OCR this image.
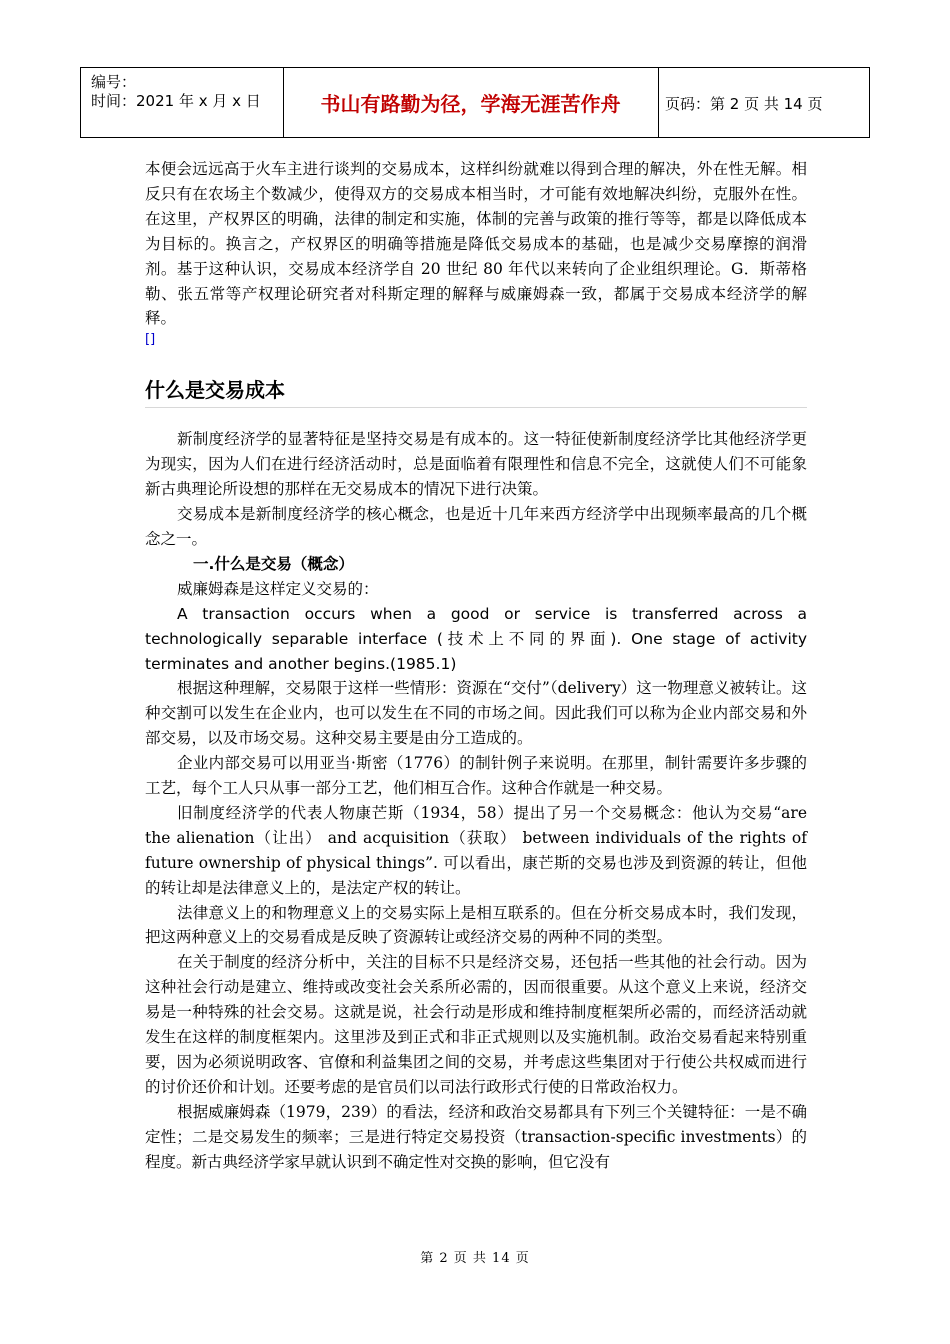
编号：
时间：2021 年 x 月 x 日	书山有路勤为径，学海无涯苦作舟	页码：第 2 页 共 14 页

本便会远远高于火车主进行谈判的交易成本，这样纠纷就难以得到合理的解决，外在性无解。相反只有在农场主个数减少，使得双方的交易成本相当时，才可能有效地解决纠纷，克服外在性。在这里，产权界区的明确，法律的制定和实施，体制的完善与政策的推行等等，都是以降低成本为目标的。换言之，产权界区的明确等措施是降低交易成本的基础，也是减少交易摩擦的润滑剂。基于这种认识，交易成本经济学自 20 世纪 80 年代以来转向了企业组织理论。G．斯蒂格勒、张五常等产权理论研究者对科斯定理的解释与威廉姆森一致，都属于交易成本经济学的解释。

[]
什么是交易成本

新制度经济学的显著特征是坚持交易是有成本的。这一特征使新制度经济学比其他经济学更为现实，因为人们在进行经济活动时，总是面临着有限理性和信息不完全，这就使人们不可能象新古典理论所设想的那样在无交易成本的情况下进行决策。

交易成本是新制度经济学的核心概念，也是近十几年来西方经济学中出现频率最高的几个概念之一。

一.什么是交易（概念）

威廉姆森是这样定义交易的：

A transaction occurs when a good or service is transferred across a technologically separable interface (技术上不同的界面). One stage of activity terminates and another begins.(1985.1)

根据这种理解，交易限于这样一些情形：资源在“交付”（delivery）这一物理意义被转让。这种交割可以发生在企业内，也可以发生在不同的市场之间。因此我们可以称为企业内部交易和外部交易，以及市场交易。这种交易主要是由分工造成的。

企业内部交易可以用亚当·斯密（1776）的制针例子来说明。在那里，制针需要许多步骤的工艺，每个工人只从事一部分工艺，他们相互合作。这种合作就是一种交易。

旧制度经济学的代表人物康芒斯（1934，58）提出了另一个交易概念：他认为交易“are the alienation（让出） and acquisition（获取） between individuals of the rights of future ownership of physical things”. 可以看出，康芒斯的交易也涉及到资源的转让，但他的转让却是法律意义上的，是法定产权的转让。

法律意义上的和物理意义上的交易实际上是相互联系的。但在分析交易成本时，我们发现，把这两种意义上的交易看成是反映了资源转让或经济交易的两种不同的类型。

在关于制度的经济分析中，关注的目标不只是经济交易，还包括一些其他的社会行动。因为这种社会行动是建立、维持或改变社会关系所必需的，因而很重要。从这个意义上来说，经济交易是一种特殊的社会交易。这就是说，社会行动是形成和维持制度框架所必需的，而经济活动就发生在这样的制度框架内。这里涉及到正式和非正式规则以及实施机制。政治交易看起来特别重要，因为必须说明政客、官僚和利益集团之间的交易，并考虑这些集团对于行使公共权威而进行的讨价还价和计划。还要考虑的是官员们以司法行政形式行使的日常政治权力。

根据威廉姆森（1979，239）的看法，经济和政治交易都具有下列三个关键特征：一是不确定性；二是交易发生的频率；三是进行特定交易投资（transaction-specific investments）的程度。新古典经济学家早就认识到不确定性对交换的影响，但它没有

第 2 页 共 14 页
